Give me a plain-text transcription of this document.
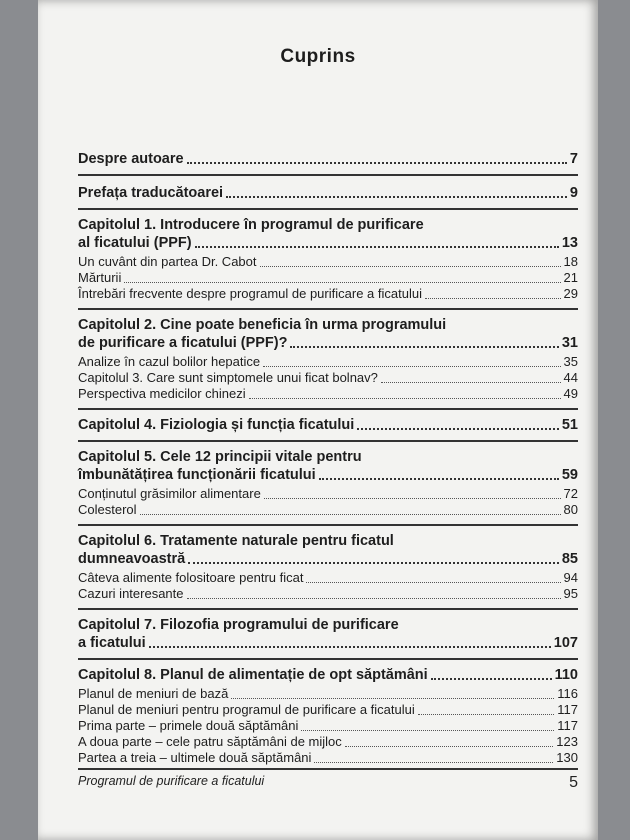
Cuprins
Despre autoare	7
Prefața traducătoarei	9
Capitolul 1. Introducere în programul de purificare
al ficatului (PPF)	13
Un cuvânt din partea Dr. Cabot	18
Mărturii	21
Întrebări frecvente despre programul de purificare a ficatului	29
Capitolul 2. Cine poate beneficia în urma programului
de purificare a ficatului (PPF)?	31
Analize în cazul bolilor hepatice	35
Capitolul 3. Care sunt simptomele unui ficat bolnav?	44
Perspectiva medicilor chinezi	49
Capitolul 4. Fiziologia și funcția ficatului	51
Capitolul 5. Cele 12 principii vitale pentru
îmbunătățirea funcționării ficatului	59
Conținutul grăsimilor alimentare	72
Colesterol	80
Capitolul 6. Tratamente naturale pentru ficatul
dumneavoastră	85
Câteva alimente folositoare pentru ficat	94
Cazuri interesante	95
Capitolul 7. Filozofia programului de purificare
a ficatului	107
Capitolul 8. Planul de alimentație de opt săptămâni	110
Planul de meniuri de bază	116
Planul de meniuri pentru programul de purificare a ficatului	117
Prima parte – primele două săptămâni	117
A doua parte – cele patru săptămâni de mijloc	123
Partea a treia – ultimele două săptămâni	130
Programul de purificare a ficatului	5
